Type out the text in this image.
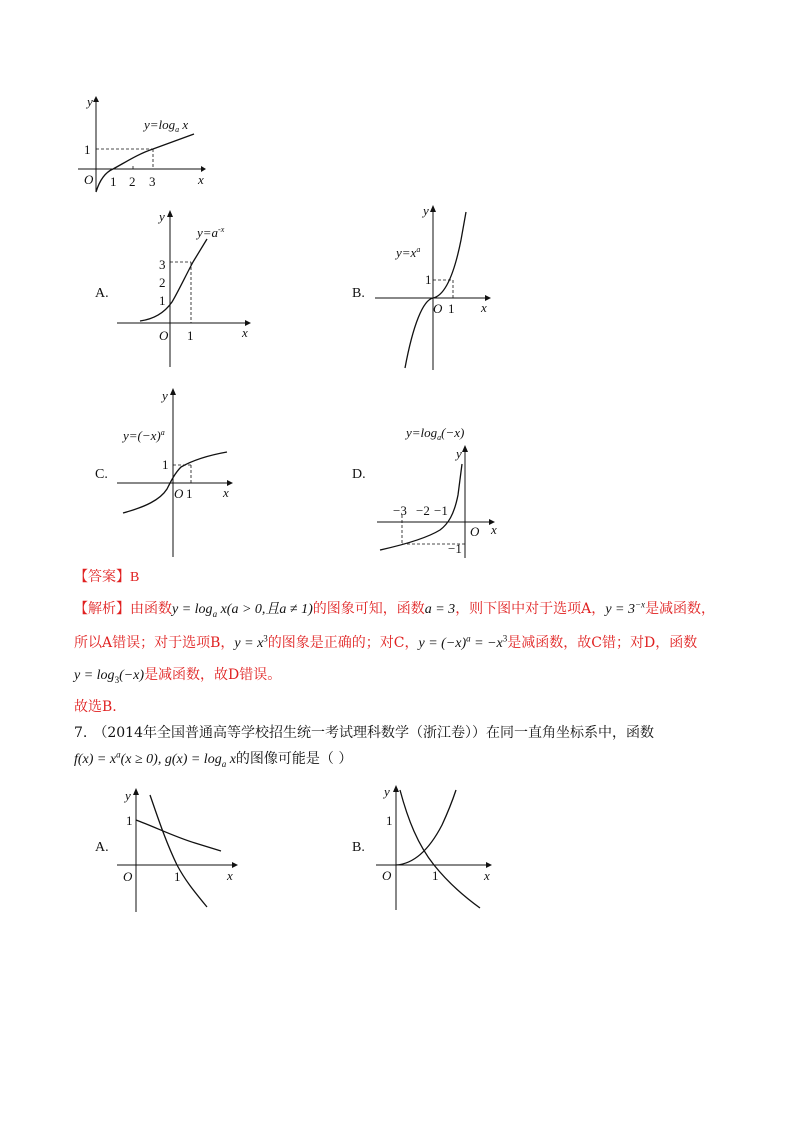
y
x
O
1
1 2 3
$y=\log_a$ x
A.
y
x
O
3
2
1
1
$y=a^{-x}$
B.
y
x
O
1
1
$y=x^a$
C.
y
x
O
1
1
$y=(-x)^a$
D.
$y=\log_a(-x)$
y
x
O
−3 −2 −1
−1
【答案】B
【解析】由函数$y = \log_a x(a > 0$,且a ≠ 1)的图象可知，函数a = 3，则下图中对于选项A，$y = 3^{-x}$是减函数，
所以A错误；对于选项B，$y = x^3$的图象是正确的；对C，$y = (-x)^a = -x^3$是减函数，故C错；对D，函数
$y = \log_3(-x)$是减函数，故D错误。
故选B.
7. （2014年全国普通高等学校招生统一考试理科数学（浙江卷））在同一直角坐标系中，函数
$f(x) = x^a(x \ge 0)$, $g(x) = \log_a x$的图像可能是（ ）
A.
y
x
O
1
1
B.
y
x
O
1
1
